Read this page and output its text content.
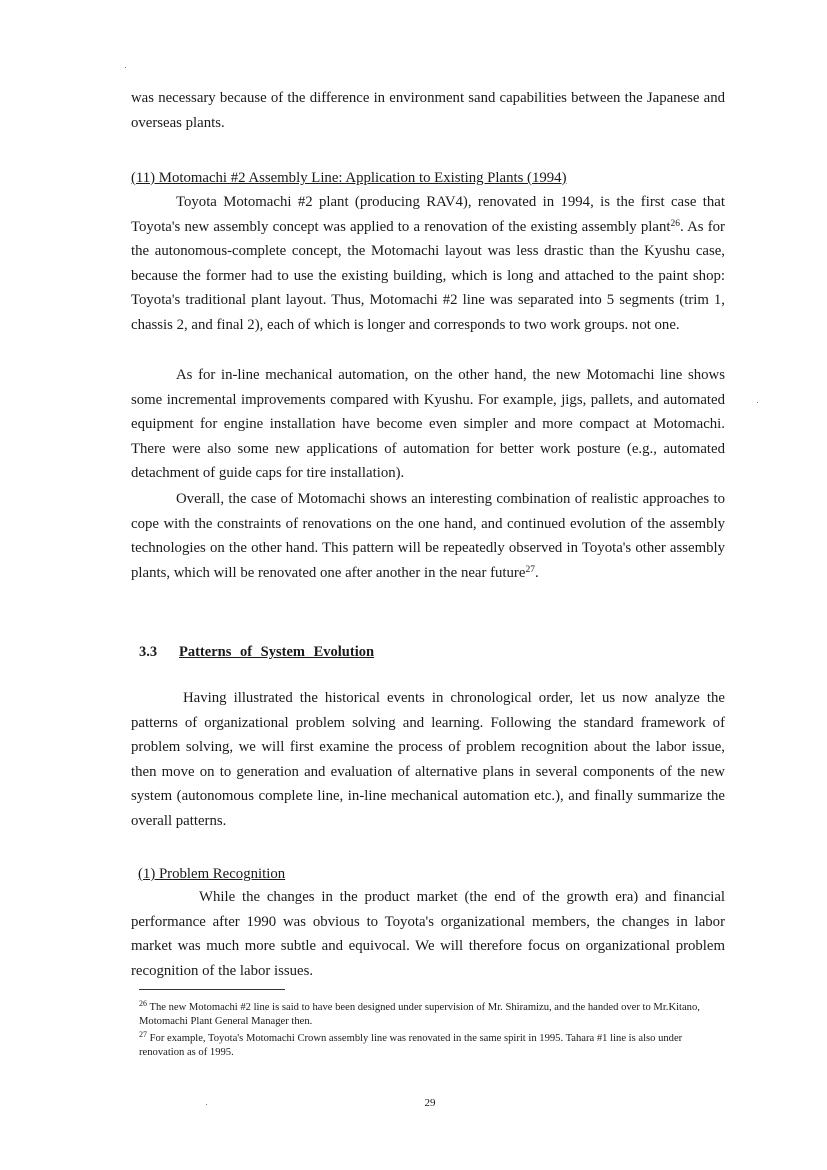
was necessary because of the difference in environment sand capabilities between the Japanese and overseas plants.

(11) Motomachi #2 Assembly Line: Application to Existing Plants (1994)

Toyota Motomachi #2 plant (producing RAV4), renovated in 1994, is the first case that Toyota's new assembly concept was applied to a renovation of the existing assembly plant$^{26}$. As for the autonomous-complete concept, the Motomachi layout was less drastic than the Kyushu case, because the former had to use the existing building, which is long and attached to the paint shop: Toyota's traditional plant layout. Thus, Motomachi #2 line was separated into 5 segments (trim 1, chassis 2, and final 2), each of which is longer and corresponds to two work groups. not one.

As for in-line mechanical automation, on the other hand, the new Motomachi line shows some incremental improvements compared with Kyushu. For example, jigs, pallets, and automated equipment for engine installation have become even simpler and more compact at Motomachi. There were also some new applications of automation for better work posture (e.g., automated detachment of guide caps for tire installation).

Overall, the case of Motomachi shows an interesting combination of realistic approaches to cope with the constraints of renovations on the one hand, and continued evolution of the assembly technologies on the other hand. This pattern will be repeatedly observed in Toyota's other assembly plants, which will be renovated one after another in the near future$^{27}$.

3.3 Patterns of System Evolution

Having illustrated the historical events in chronological order, let us now analyze the patterns of organizational problem solving and learning. Following the standard framework of problem solving, we will first examine the process of problem recognition about the labor issue, then move on to generation and evaluation of alternative plans in several components of the new system (autonomous complete line, in-line mechanical automation etc.), and finally summarize the overall patterns.

(1) Problem Recognition

While the changes in the product market (the end of the growth era) and financial performance after 1990 was obvious to Toyota's organizational members, the changes in labor market was much more subtle and equivocal. We will therefore focus on organizational problem recognition of the labor issues.

$^{26}$ The new Motomachi #2 line is said to have been designed under supervision of Mr. Shiramizu, and the handed over to Mr.Kitano, Motomachi Plant General Manager then.

$^{27}$ For example, Toyota's Motomachi Crown assembly line was renovated in the same spirit in 1995. Tahara #1 line is also under renovation as of 1995.

29
